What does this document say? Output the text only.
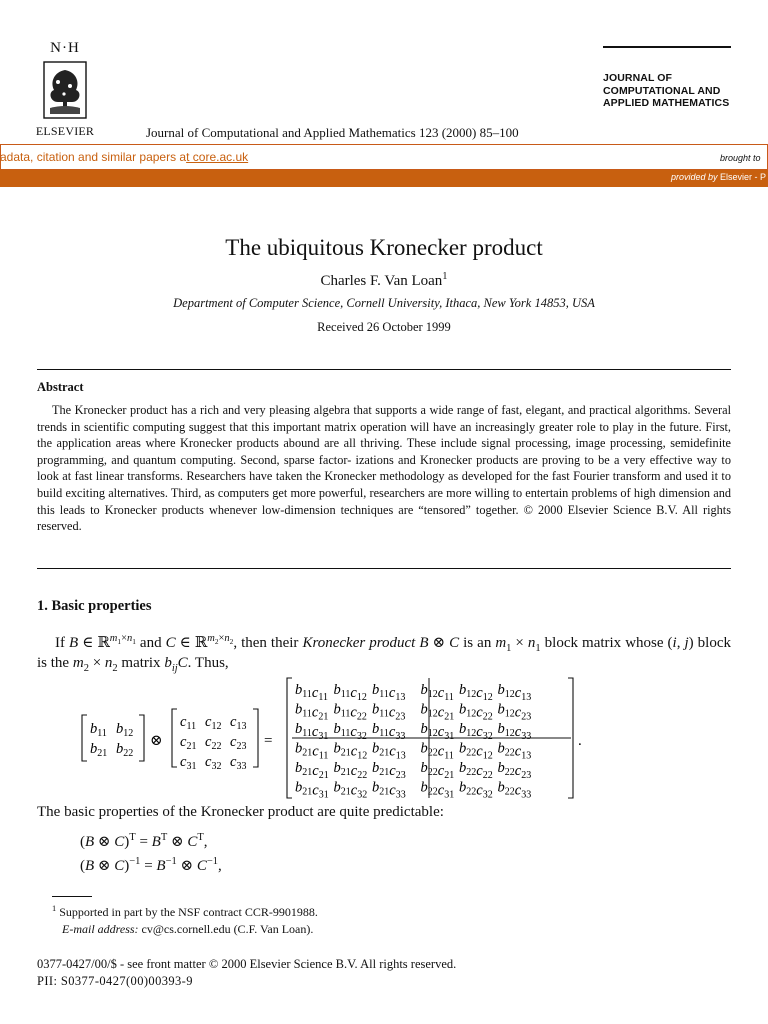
N·H
ELSEVIER	Journal of Computational and Applied Mathematics 123 (2000) 85–100
JOURNAL OF
COMPUTATIONAL AND
APPLIED MATHEMATICS
adata, citation and similar papers at core.ac.uk	brought to
provided by Elsevier - P
The ubiquitous Kronecker product
Charles F. Van Loan$^1$
Department of Computer Science, Cornell University, Ithaca, New York 14853, USA
Received 26 October 1999
Abstract
The Kronecker product has a rich and very pleasing algebra that supports a wide range of fast, elegant, and practical algorithms. Several trends in scientific computing suggest that this important matrix operation will have an increasingly greater role to play in the future. First, the application areas where Kronecker products abound are all thriving. These include signal processing, image processing, semidefinite programming, and quantum computing. Second, sparse factor- izations and Kronecker products are proving to be a very effective way to look at fast linear transforms. Researchers have taken the Kronecker methodology as developed for the fast Fourier transform and used it to build exciting alternatives. Third, as computers get more powerful, researchers are more willing to entertain problems of high dimension and this leads to Kronecker products whenever low-dimension techniques are “tensored” together. © 2000 Elsevier Science B.V. All rights reserved.
1. Basic properties
If B ∈ ℝ$^{m_1\times n_1}$ and C ∈ ℝ$^{m_2\times n_2}$, then their Kronecker product B ⊗ C is an $m_1 \times n_1$ block matrix whose (i, j) block is the $m_2 \times n_2$ matrix $b_{ij}C$. Thus,
$b_{11}$ $b_{12}$
$b_{21}$ $b_{22}$
⊗
$c_{11}$ $c_{12}$ $c_{13}$
$c_{21}$ $c_{22}$ $c_{23}$
$c_{31}$ $c_{32}$ $c_{33}$
=
$b_{11}c_{11}$ $b_{11}c_{12}$ $b_{11}c_{13}$ $b_{12}c_{11}$ $b_{12}c_{12}$ $b_{12}c_{13}$
$b_{11}c_{21}$ $b_{11}c_{22}$ $b_{11}c_{23}$ $b_{12}c_{21}$ $b_{12}c_{22}$ $b_{12}c_{23}$
$b_{11}c_{31}$ $b_{11}c_{32}$ $b_{11}c_{33}$ $b_{12}c_{31}$ $b_{12}c_{32}$ $b_{12}c_{33}$
$b_{21}c_{11}$ $b_{21}c_{12}$ $b_{21}c_{13}$ $b_{22}c_{11}$ $b_{22}c_{12}$ $b_{22}c_{13}$
$b_{21}c_{21}$ $b_{21}c_{22}$ $b_{21}c_{23}$ $b_{22}c_{21}$ $b_{22}c_{22}$ $b_{22}c_{23}$
$b_{21}c_{31}$ $b_{21}c_{32}$ $b_{21}c_{33}$ $b_{22}c_{31}$ $b_{22}c_{32}$ $b_{22}c_{33}$
.
The basic properties of the Kronecker product are quite predictable:
(B ⊗ $C)^T = B^T$ ⊗ $C^T$,
(B ⊗ $C)^{-1} = B^{-1}$ ⊗ $C^{-1}$,
$^1$ Supported in part by the NSF contract CCR-9901988.
E-mail address: cv@cs.cornell.edu (C.F. Van Loan).
0377-0427/00/$ - see front matter © 2000 Elsevier Science B.V. All rights reserved.
PII: S0377-0427(00)00393-9
